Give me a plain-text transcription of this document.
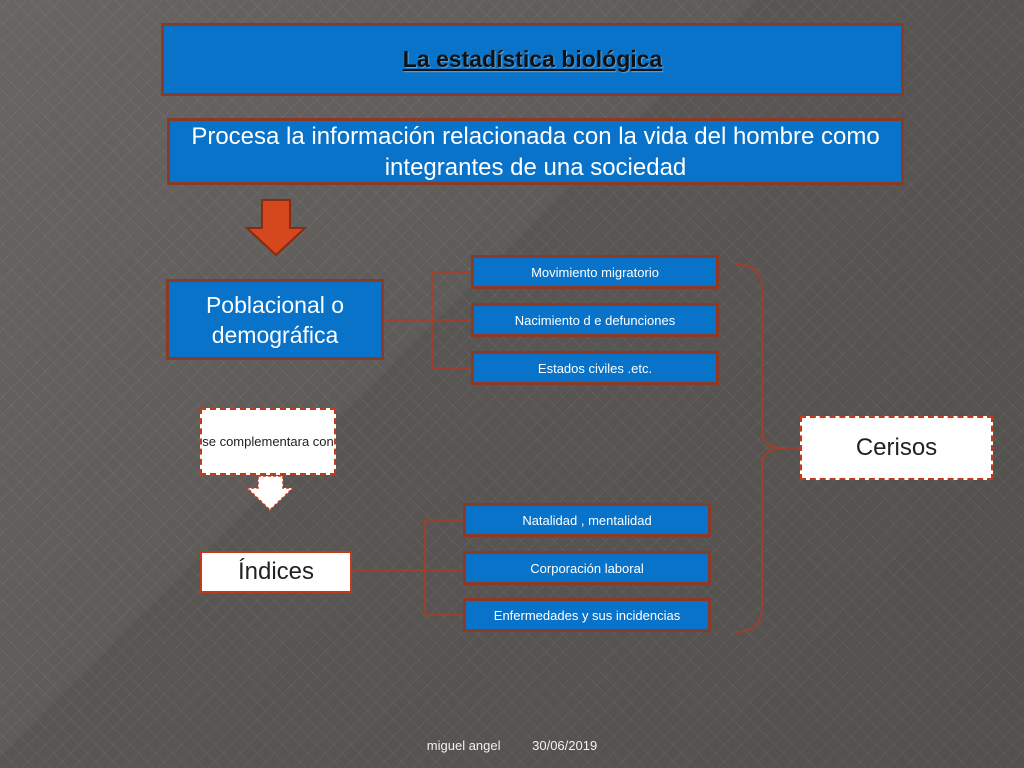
La estadística biológica
Procesa la información relacionada con la vida del hombre como integrantes de una sociedad
Poblacional o demográfica
Movimiento migratorio
Nacimiento d e defunciones
Estados civiles .etc.
se complementara con
Índices
Natalidad , mentalidad
Corporación laboral
Enfermedades y sus incidencias
Cerisos
miguel angel 30/06/2019
